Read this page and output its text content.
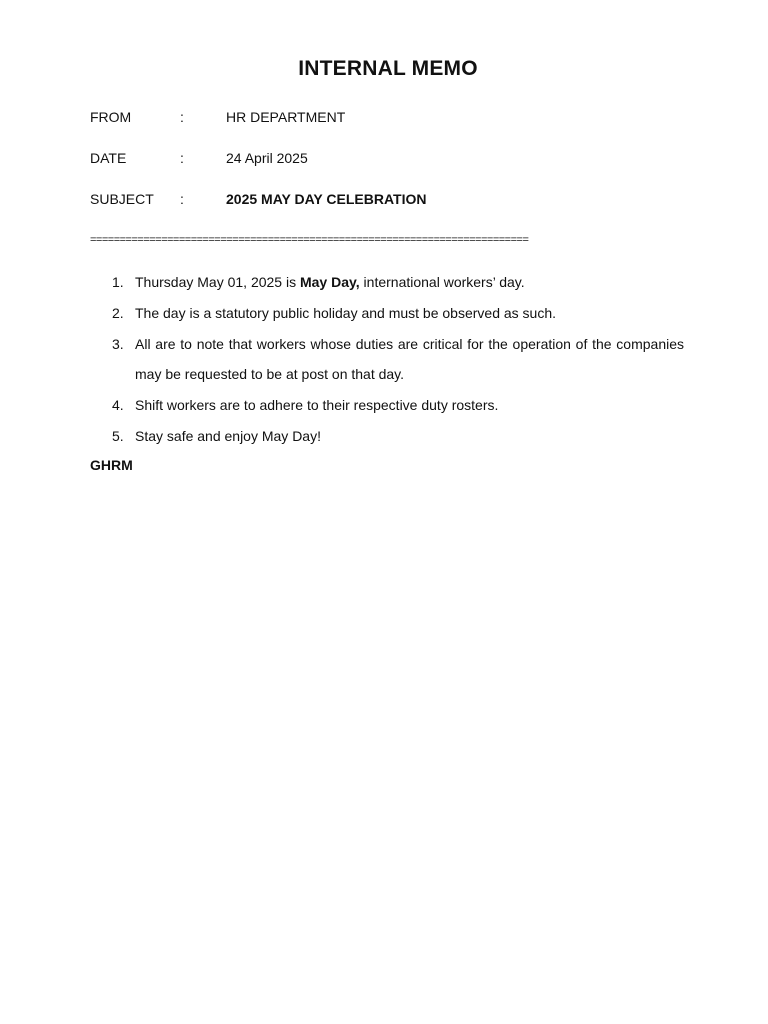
INTERNAL MEMO
FROM	:	HR DEPARTMENT
DATE	:	24 April 2025
SUBJECT :	2025 MAY DAY CELEBRATION
==========================================================================
1. Thursday May 01, 2025 is May Day, international workers’ day.
2. The day is a statutory public holiday and must be observed as such.
3. All are to note that workers whose duties are critical for the operation of the companies may be requested to be at post on that day.
4. Shift workers are to adhere to their respective duty rosters.
5. Stay safe and enjoy May Day!
GHRM
